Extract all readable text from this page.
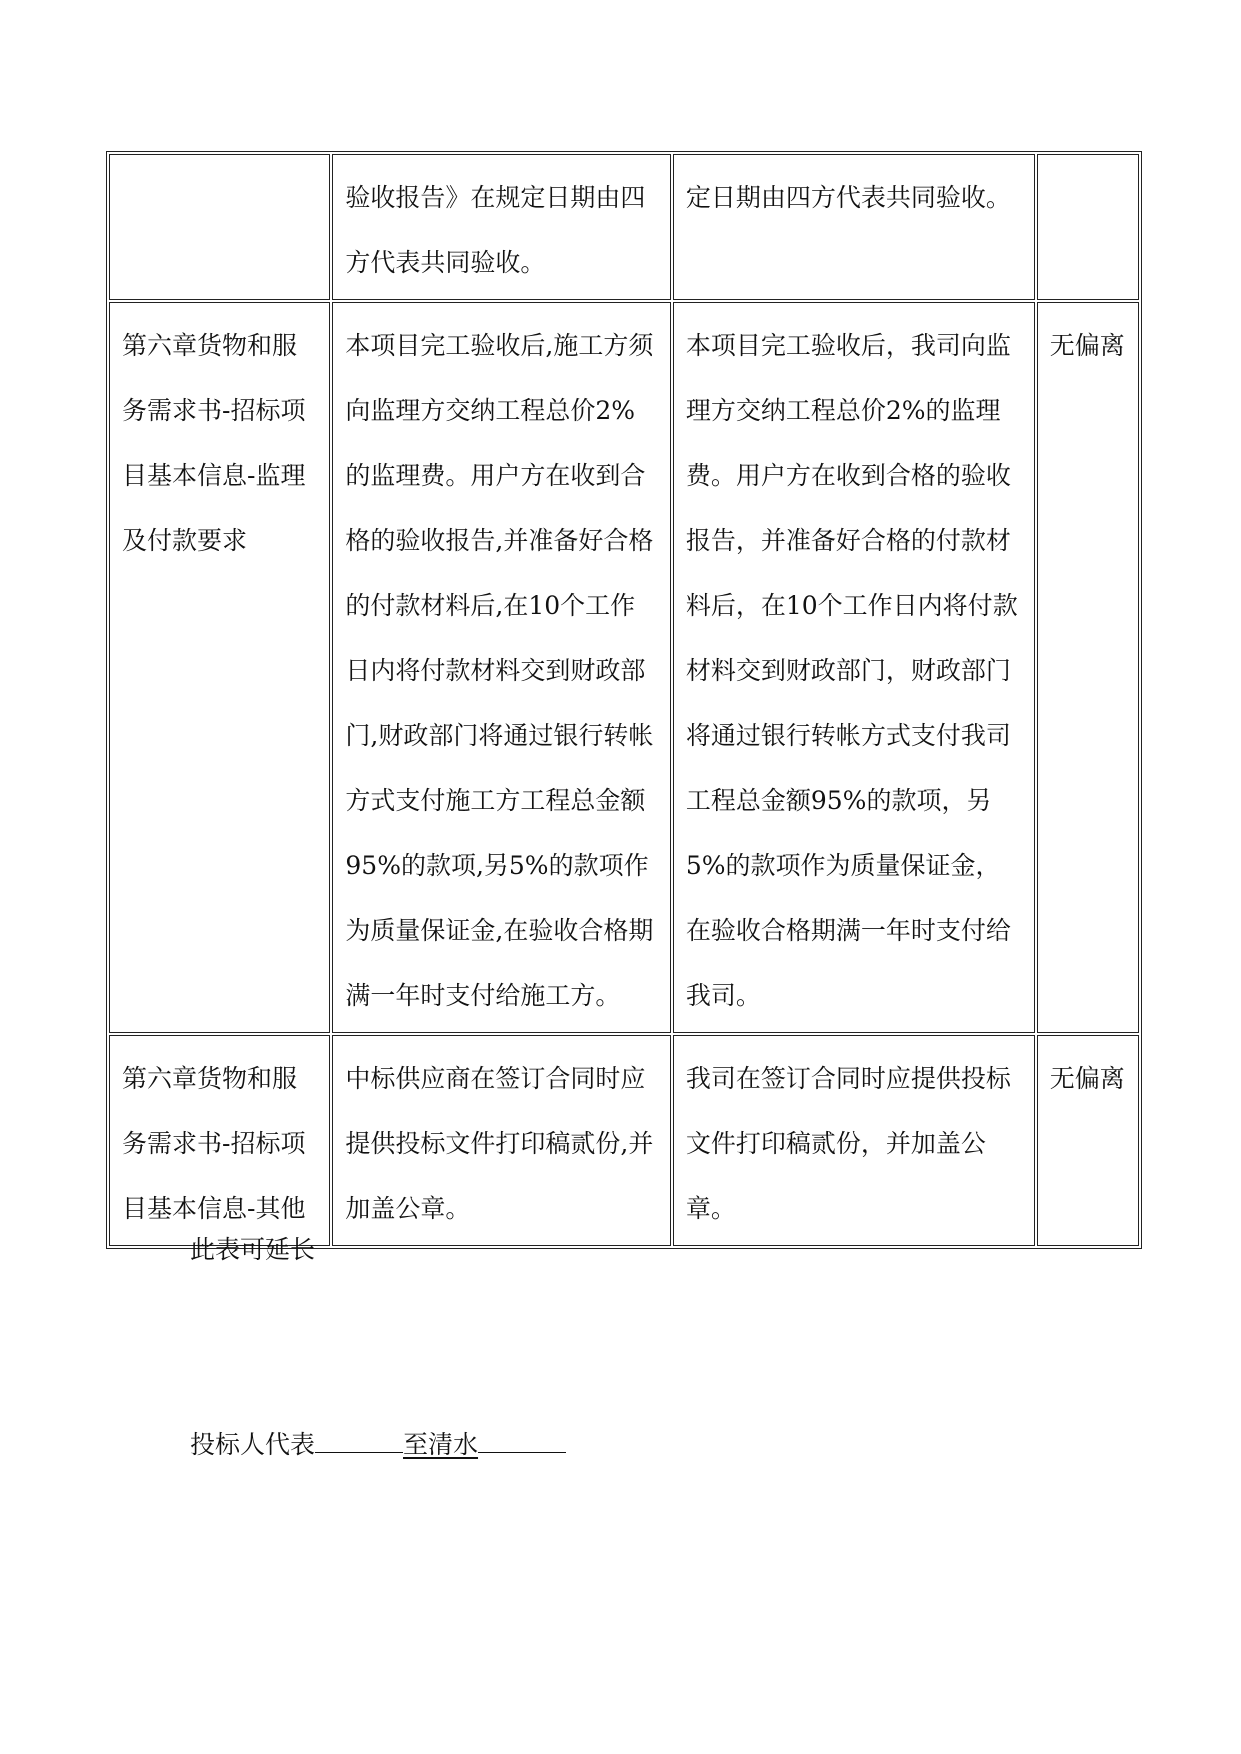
	验收报告》在规定日期由四方代表共同验收。	定日期由四方代表共同验收。	
第六章货物和服务需求书-招标项目基本信息-监理及付款要求	本项目完工验收后,施工方须向监理方交纳工程总价2%的监理费。用户方在收到合格的验收报告,并准备好合格的付款材料后,在10个工作日内将付款材料交到财政部门,财政部门将通过银行转帐方式支付施工方工程总金额95%的款项,另5%的款项作为质量保证金,在验收合格期满一年时支付给施工方。	本项目完工验收后，我司向监理方交纳工程总价2%的监理费。用户方在收到合格的验收报告，并准备好合格的付款材料后，在10个工作日内将付款材料交到财政部门，财政部门将通过银行转帐方式支付我司工程总金额95%的款项，另5%的款项作为质量保证金，在验收合格期满一年时支付给我司。	无偏离
第六章货物和服务需求书-招标项目基本信息-其他	中标供应商在签订合同时应提供投标文件打印稿贰份,并加盖公章。	我司在签订合同时应提供投标文件打印稿贰份，并加盖公章。	无偏离
此表可延长
投标人代表	至清水
